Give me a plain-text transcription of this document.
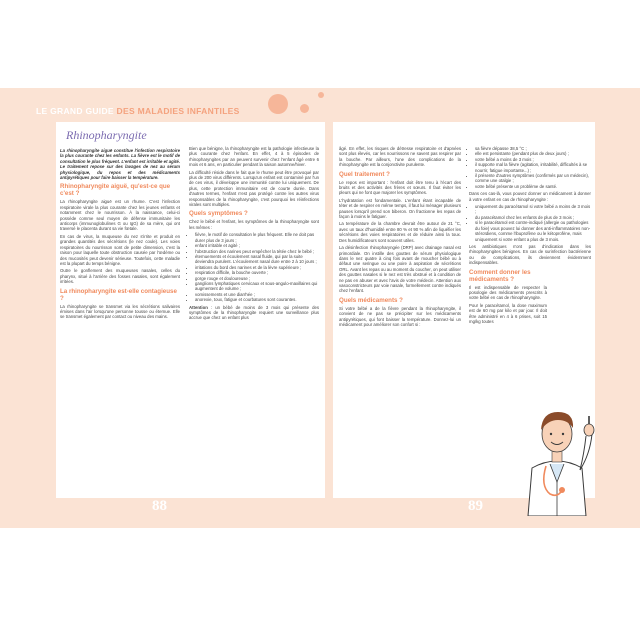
LE GRAND GUIDE DES MALADIES INFANTILES
Rhinopharyngite

La rhinopharyngite aiguë constitue l'infection respiratoire la plus courante chez les enfants. La fièvre est le motif de consultation le plus fréquent. L'enfant est irritable et agité. Le traitement repose sur des lavages de nez au sérum physiologique, du repos et des médicaments antipyrétiques pour faire baisser la température.

Rhinopharyngite aiguë, qu'est-ce que c'est ?

La rhinopharyngite aiguë est un rhume. C'est l'infection respiratoire virale la plus courante chez les jeunes enfants et notamment chez le nourrisson. À la naissance, celui-ci possède comme seul moyen de défense immunitaire les anticorps (immunoglobulines G ou IgG) de sa mère, qui ont traversé le placenta durant sa vie fœtale.

En cas de virus, la muqueuse du nez s'irrite et produit en grandes quantités des sécrétions (le nez coule). Les voies respiratoires du nourrisson sont de petite dimension, c'est la raison pour laquelle toute obstruction causée par l'œdème ou des mucosités peut devenir sérieuse. Toutefois, cette maladie est la plupart du temps bénigne.

Outre le gonflement des muqueuses nasales, celles du pharynx, situé à l'arrière des fosses nasales, sont également irritées.

La rhinopharyngite est-elle contagieuse ?

La rhinopharyngite se transmet via les sécrétions salivaires émises dans l'air lorsqu'une personne tousse ou éternue. Elle se transmet également par contact ou niveau des mains.

Bien que bénigne, la rhinopharyngite est la pathologie infectieuse la plus courante chez l'enfant. En effet, 4 à 5 épisodes de rhinopharyngites par an peuvent survenir chez l'enfant âgé entre 6 mois et 6 ans, en particulier pendant la saison automne/hiver.

La difficulté réside dans le fait que le rhume peut être provoqué par plus de 200 virus différents. Lorsqu'un enfant est contaminé par l'un de ces virus, il développe une immunité contre lui uniquement. De plus, cette protection immunitaire est de courte durée. Dans d'autres termes, l'enfant n'est pas protégé contre les autres virus responsables de la rhinopharyngite, c'est pourquoi les réinfections virales sont multiples.

Quels symptômes ?

Chez le bébé et l'enfant, les symptômes de la rhinopharyngite sont les mêmes :

• fièvre, le motif de consultation le plus fréquent. Elle ne doit pas durer plus de 3 jours ;
• enfant irritable et agité ;
• l'obstruction des narines peut empêcher la tétée chez le bébé ;
• éternuements et écoulement nasal fluide, qui par la suite deviendra purulent. L'écoulement nasal dure entre 2 à 10 jours ;
• irritations du bord des narines et de la lèvre supérieure ;
• respiration difficile, la bouche ouverte ;
• gorge rouge et douloureuse ;
• ganglions lymphatiques cervicaux et sous-angulo-maxillaires qui augmentent de volume ;
• vomissements et une diarrhée ;
• anorexie, toux, fatigue et courbatures sont courantes.

Attention : un bébé de moins de 3 mois qui présente des symptômes de la rhinopharyngite requiert une surveillance plus accrue que chez un enfant plus

âgé. En effet, les risques de détresse respiratoire et d'apnées sont plus élevés, car les nourrissons ne savent pas respirer par la bouche. Par ailleurs, l'une des complications de la rhinopharyngite est la conjonctivite purulente.

Quel traitement ?

Le repos est important : l'enfant doit être tenu à l'écart des bruits et des activités des frères et sœurs. Il faut éviter les pleurs qui ne font que majorer les symptômes.

L'hydratation est fondamentale. L'enfant étant incapable de téter et de respirer en même temps, il faut lui ménager plusieurs pauses lorsqu'il prend son biberon. On fractionne les repas de façon à moins le fatiguer.

La température de la chambre devrait être autour de 21 °C, avec un taux d'humidité entre 80 % et 90 % afin de liquéfier les sécrétions des voies respiratoires et de réduire ainsi la toux. Des humidificateurs sont souvent utiles.

La désinfection rhinopharyngée (DRP) avec drainage nasal est primordiale. On instille des gouttes de sérum physiologique dans le nez quatre à cinq fois avant de moucher bébé ou à défaut une seringue ou une poire à aspiration de sécrétions ORL. Avant les repas ou au moment du coucher, on peut utiliser des gouttes nasales si le nez est très obstrué et à condition de ne pas en abuser et avec l'avis de votre médecin. Attention aux vasoconstricteurs par voie nasale, formellement contre indiqués chez l'enfant.

Quels médicaments ?

Si votre bébé a de la fièvre pendant la rhinopharyngite, il convient de ne pas se précipiter sur les médicaments antipyrétiques, qui font baisser la température. Donnez-lui un médicament pour améliorer son confort si :

• sa fièvre dépasse 38,5 °C ;
• elle est persistante (pendant plus de deux jours) ;
• votre bébé a moins de 3 mois ;
• il supporte mal la fièvre (agitation, irritabilité, difficultés à se nourrir, fatigue importante...) ;
• il présente d'autres symptômes (confirmés par un médecin), comme une otalgie ;
• votre bébé présente un problème de santé.

Dans ces cas-là, vous pouvez donner un médicament à donner à votre enfant en cas de rhinopharyngite :

• uniquement du paracétamol si votre bébé a moins de 3 mois ;
• du paracétamol chez les enfants de plus de 3 mois ;
• si le paracétamol est contre-indiqué (allergie ou pathologies du foie) vous pouvez lui donner des anti-inflammatoires non-stéroïdiens, comme l'ibuprofène ou le kétoprofène, mais uniquement si votre enfant a plus de 3 mois.

Les antibiotiques n'ont pas d'indication dans les rhinopharyngites bénignes. En cas de surinfection bactérienne ou de complications, ils deviennent évidemment indispensables.

Comment donner les médicaments ?

Il est indispensable de respecter la posologie des médicaments prescrits à votre bébé en cas de rhinopharyngite.

Pour le paracétamol, la dose maximum est de 60 mg par kilo et par jour. Il doit être administré en 4 à 6 prises, soit 15 mg/kg toutes

88	89
